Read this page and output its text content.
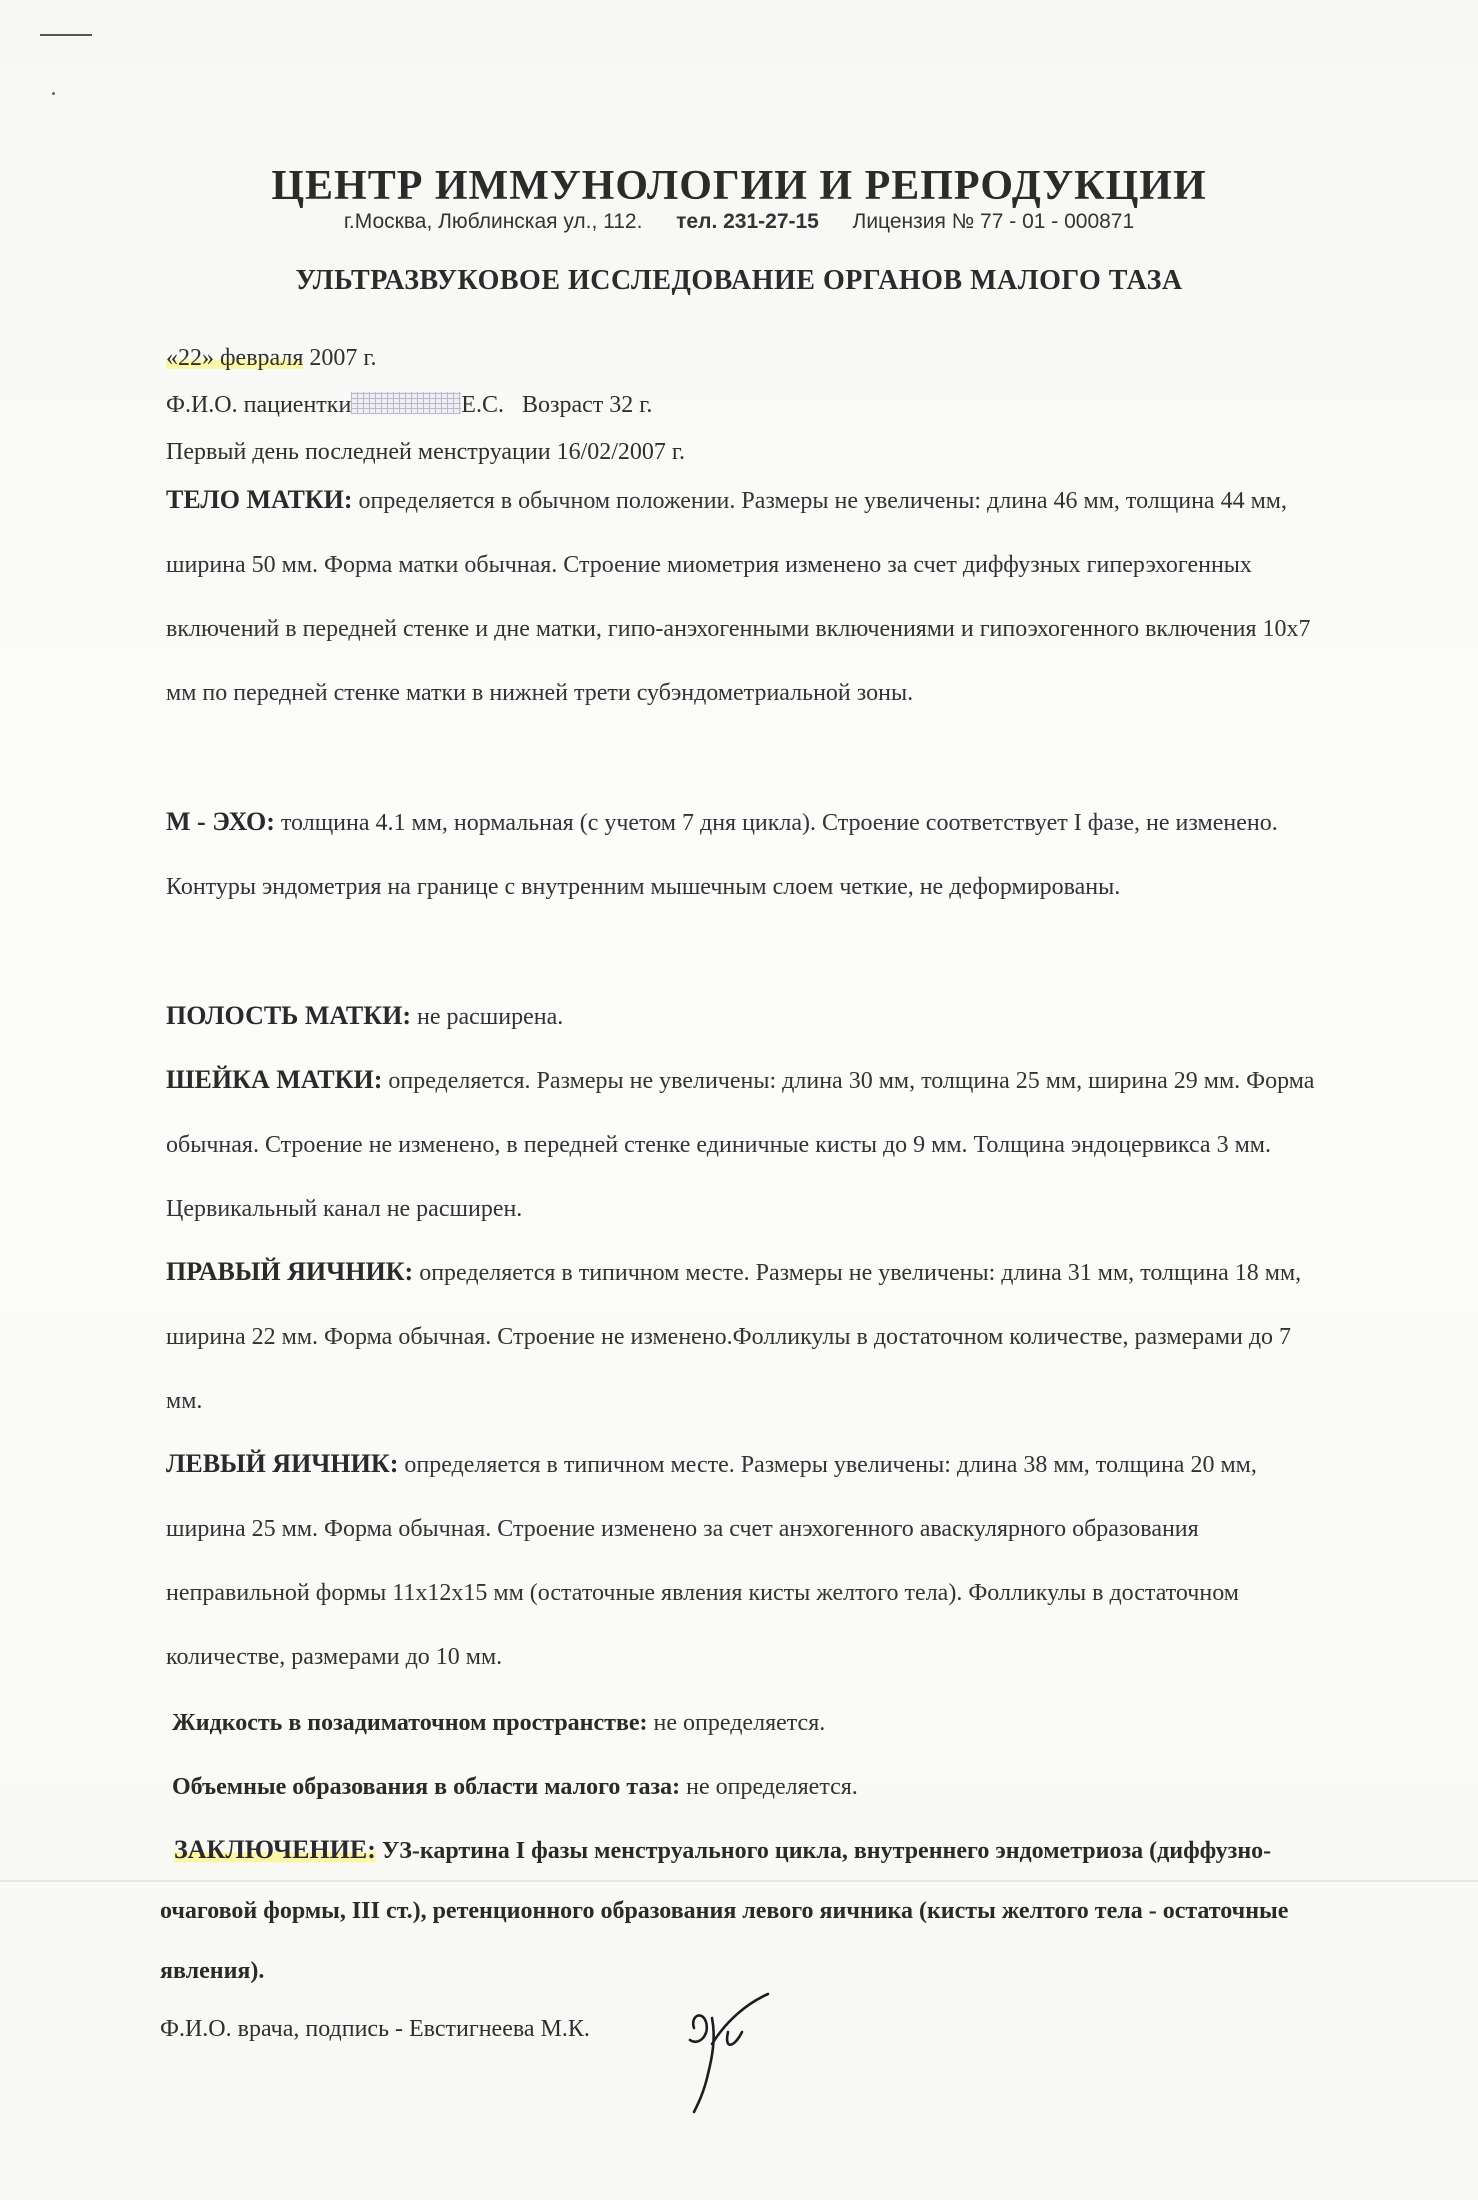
ЦЕНТР ИММУНОЛОГИИ И РЕПРОДУКЦИИ
г.Москва, Люблинская ул., 112. тел. 231-27-15 Лицензия № 77 - 01 - 000871
УЛЬТРАЗВУКОВОЕ ИССЛЕДОВАНИЕ ОРГАНОВ МАЛОГО ТАЗА
«22» февраля 2007 г.
Ф.И.О. пациентки	Е.С. Возраст 32 г.
Первый день последней менструации 16/02/2007 г.
ТЕЛО МАТКИ: определяется в обычном положении. Размеры не увеличены: длина 46 мм, толщина 44 мм, ширина 50 мм. Форма матки обычная. Строение миометрия изменено за счет диффузных гиперэхогенных включений в передней стенке и дне матки, гипо-анэхогенными включениями и гипоэхогенного включения 10х7 мм по передней стенке матки в нижней трети субэндометриальной зоны.
М - ЭХО: толщина 4.1 мм, нормальная (с учетом 7 дня цикла). Строение соответствует I фазе, не изменено. Контуры эндометрия на границе с внутренним мышечным слоем четкие, не деформированы.
ПОЛОСТЬ МАТКИ: не расширена.
ШЕЙКА МАТКИ: определяется. Размеры не увеличены: длина 30 мм, толщина 25 мм, ширина 29 мм. Форма обычная. Строение не изменено, в передней стенке единичные кисты до 9 мм. Толщина эндоцервикса 3 мм. Цервикальный канал не расширен.
ПРАВЫЙ ЯИЧНИК: определяется в типичном месте. Размеры не увеличены: длина 31 мм, толщина 18 мм, ширина 22 мм. Форма обычная. Строение не изменено.Фолликулы в достаточном количестве, размерами до 7 мм.
ЛЕВЫЙ ЯИЧНИК: определяется в типичном месте. Размеры увеличены: длина 38 мм, толщина 20 мм, ширина 25 мм. Форма обычная. Строение изменено за счет анэхогенного аваскулярного образования неправильной формы 11х12х15 мм (остаточные явления кисты желтого тела). Фолликулы в достаточном количестве, размерами до 10 мм.
Жидкость в позадиматочном пространстве: не определяется.
Объемные образования в области малого таза: не определяется.
ЗАКЛЮЧЕНИЕ: УЗ-картина I фазы менструального цикла, внутреннего эндометриоза (диффузно-очаговой формы, III ст.), ретенционного образования левого яичника (кисты желтого тела - остаточные явления).
Ф.И.О. врача, подпись - Евстигнеева М.К.
